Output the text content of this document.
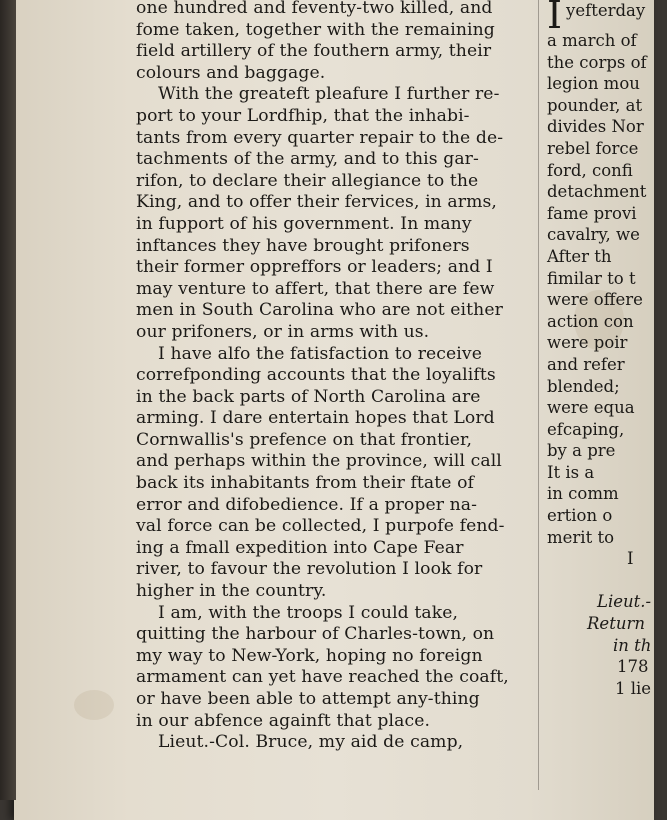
one hundred and feventy-two killed, and
fome taken, together with the remaining
field artillery of the fouthern army, their
colours and baggage.
With the greateft pleafure I further re-
port to your Lordfhip, that the inhabi-
tants from every quarter repair to the de-
tachments of the army, and to this gar-
rifon, to declare their allegiance to the
King, and to offer their fervices, in arms,
in fupport of his government. In many
inftances they have brought prifoners
their former oppreffors or leaders; and I
may venture to affert, that there are few
men in South Carolina who are not either
our prifoners, or in arms with us.
I have alfo the fatisfaction to receive
correfponding accounts that the loyalifts
in the back parts of North Carolina are
arming. I dare entertain hopes that Lord
Cornwallis's prefence on that frontier,
and perhaps within the province, will call
back its inhabitants from their ftate of
error and difobedience. If a proper na-
val force can be collected, I purpofe fend-
ing a fmall expedition into Cape Fear
river, to favour the revolution I look for
higher in the country.
I am, with the troops I could take,
quitting the harbour of Charles-town, on
my way to New-York, hoping no foreign
armament can yet have reached the coaft,
or have been able to attempt any-thing
in our abfence againft that place.
Lieut.-Col. Bruce, my aid de camp,
Iyefterday
a march of
the corps of
legion mou
pounder, at
divides Nor
rebel force
ford, confi
detachment
fame provi
cavalry, we
After th
fimilar to t
were offere
action con
were poir
and refer
blended;
were equa
efcaping,
by a pre
It is a
in comm
ertion o
merit to
I
Lieut.-
Return
in th
178
1 lie
